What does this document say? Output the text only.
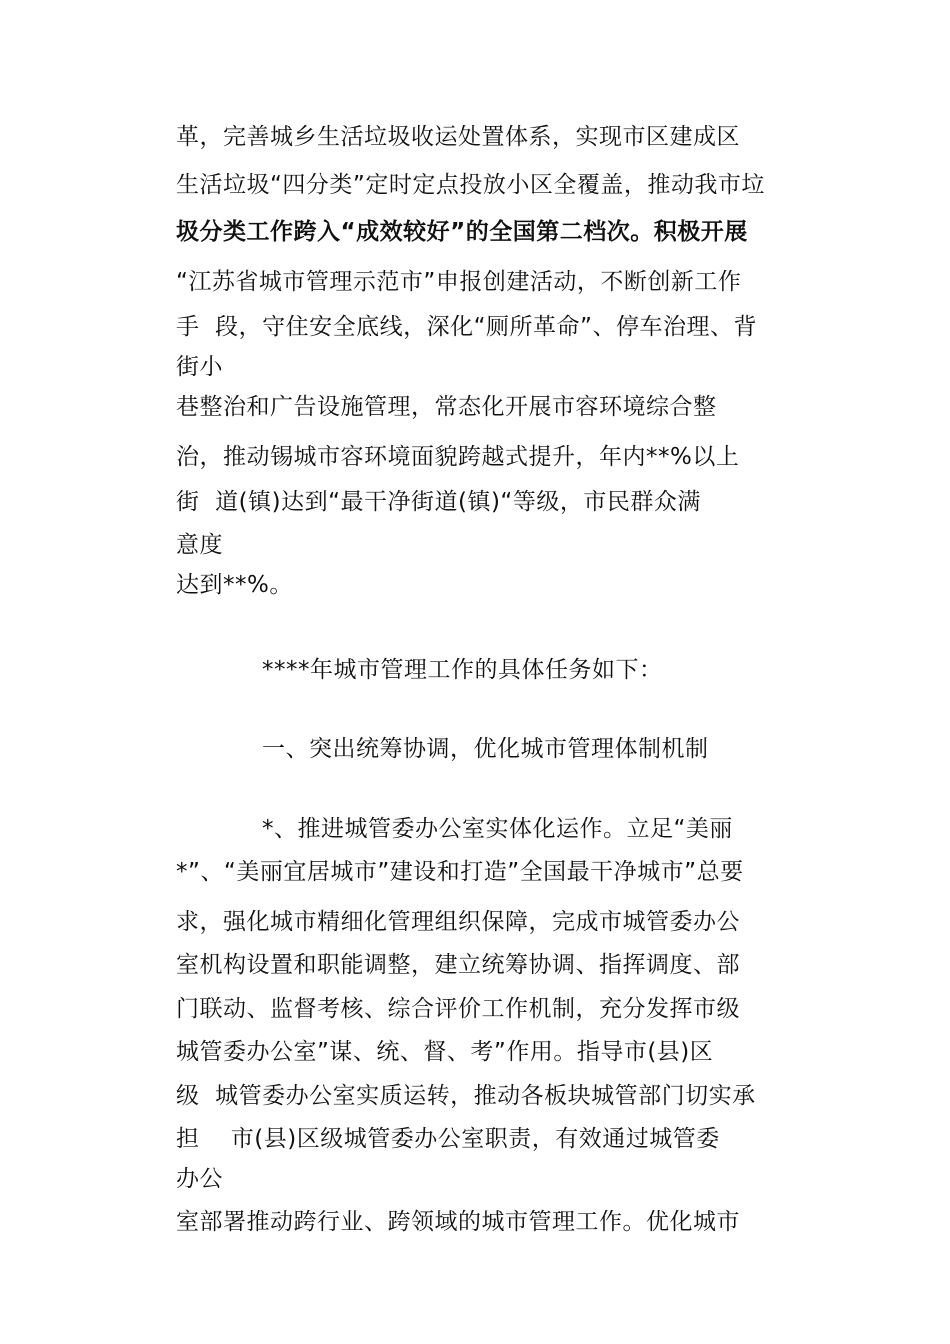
革，完善城乡生活垃圾收运处置体系，实现市区建成区
生活垃圾“四分类”定时定点投放小区全覆盖，推动我市垃
圾分类工作跨入“成效较好”的全国第二档次。积极开展
“江苏省城市管理示范市”申报创建活动，不断创新工作
手  段，守住安全底线，深化“厕所革命”、停车治理、背
街小
巷整治和广告设施管理，常态化开展市容环境综合整
治，推动锡城市容环境面貌跨越式提升，年内**%以上
街  道(镇)达到“最干净街道(镇)“等级，市民群众满
意度
达到**%。
****年城市管理工作的具体任务如下：
一、突出统筹协调，优化城市管理体制机制
*、推进城管委办公室实体化运作。立足“美丽
*”、“美丽宜居城市”建设和打造”全国最干净城市”总要
求，强化城市精细化管理组织保障，完成市城管委办公
室机构设置和职能调整，建立统筹协调、指挥调度、部
门联动、监督考核、综合评价工作机制，充分发挥市级
城管委办公室”谋、统、督、考”作用。指导市(县)区
级  城管委办公室实质运转，推动各板块城管部门切实承
担    市(县)区级城管委办公室职责，有效通过城管委
办公
室部署推动跨行业、跨领域的城市管理工作。优化城市
